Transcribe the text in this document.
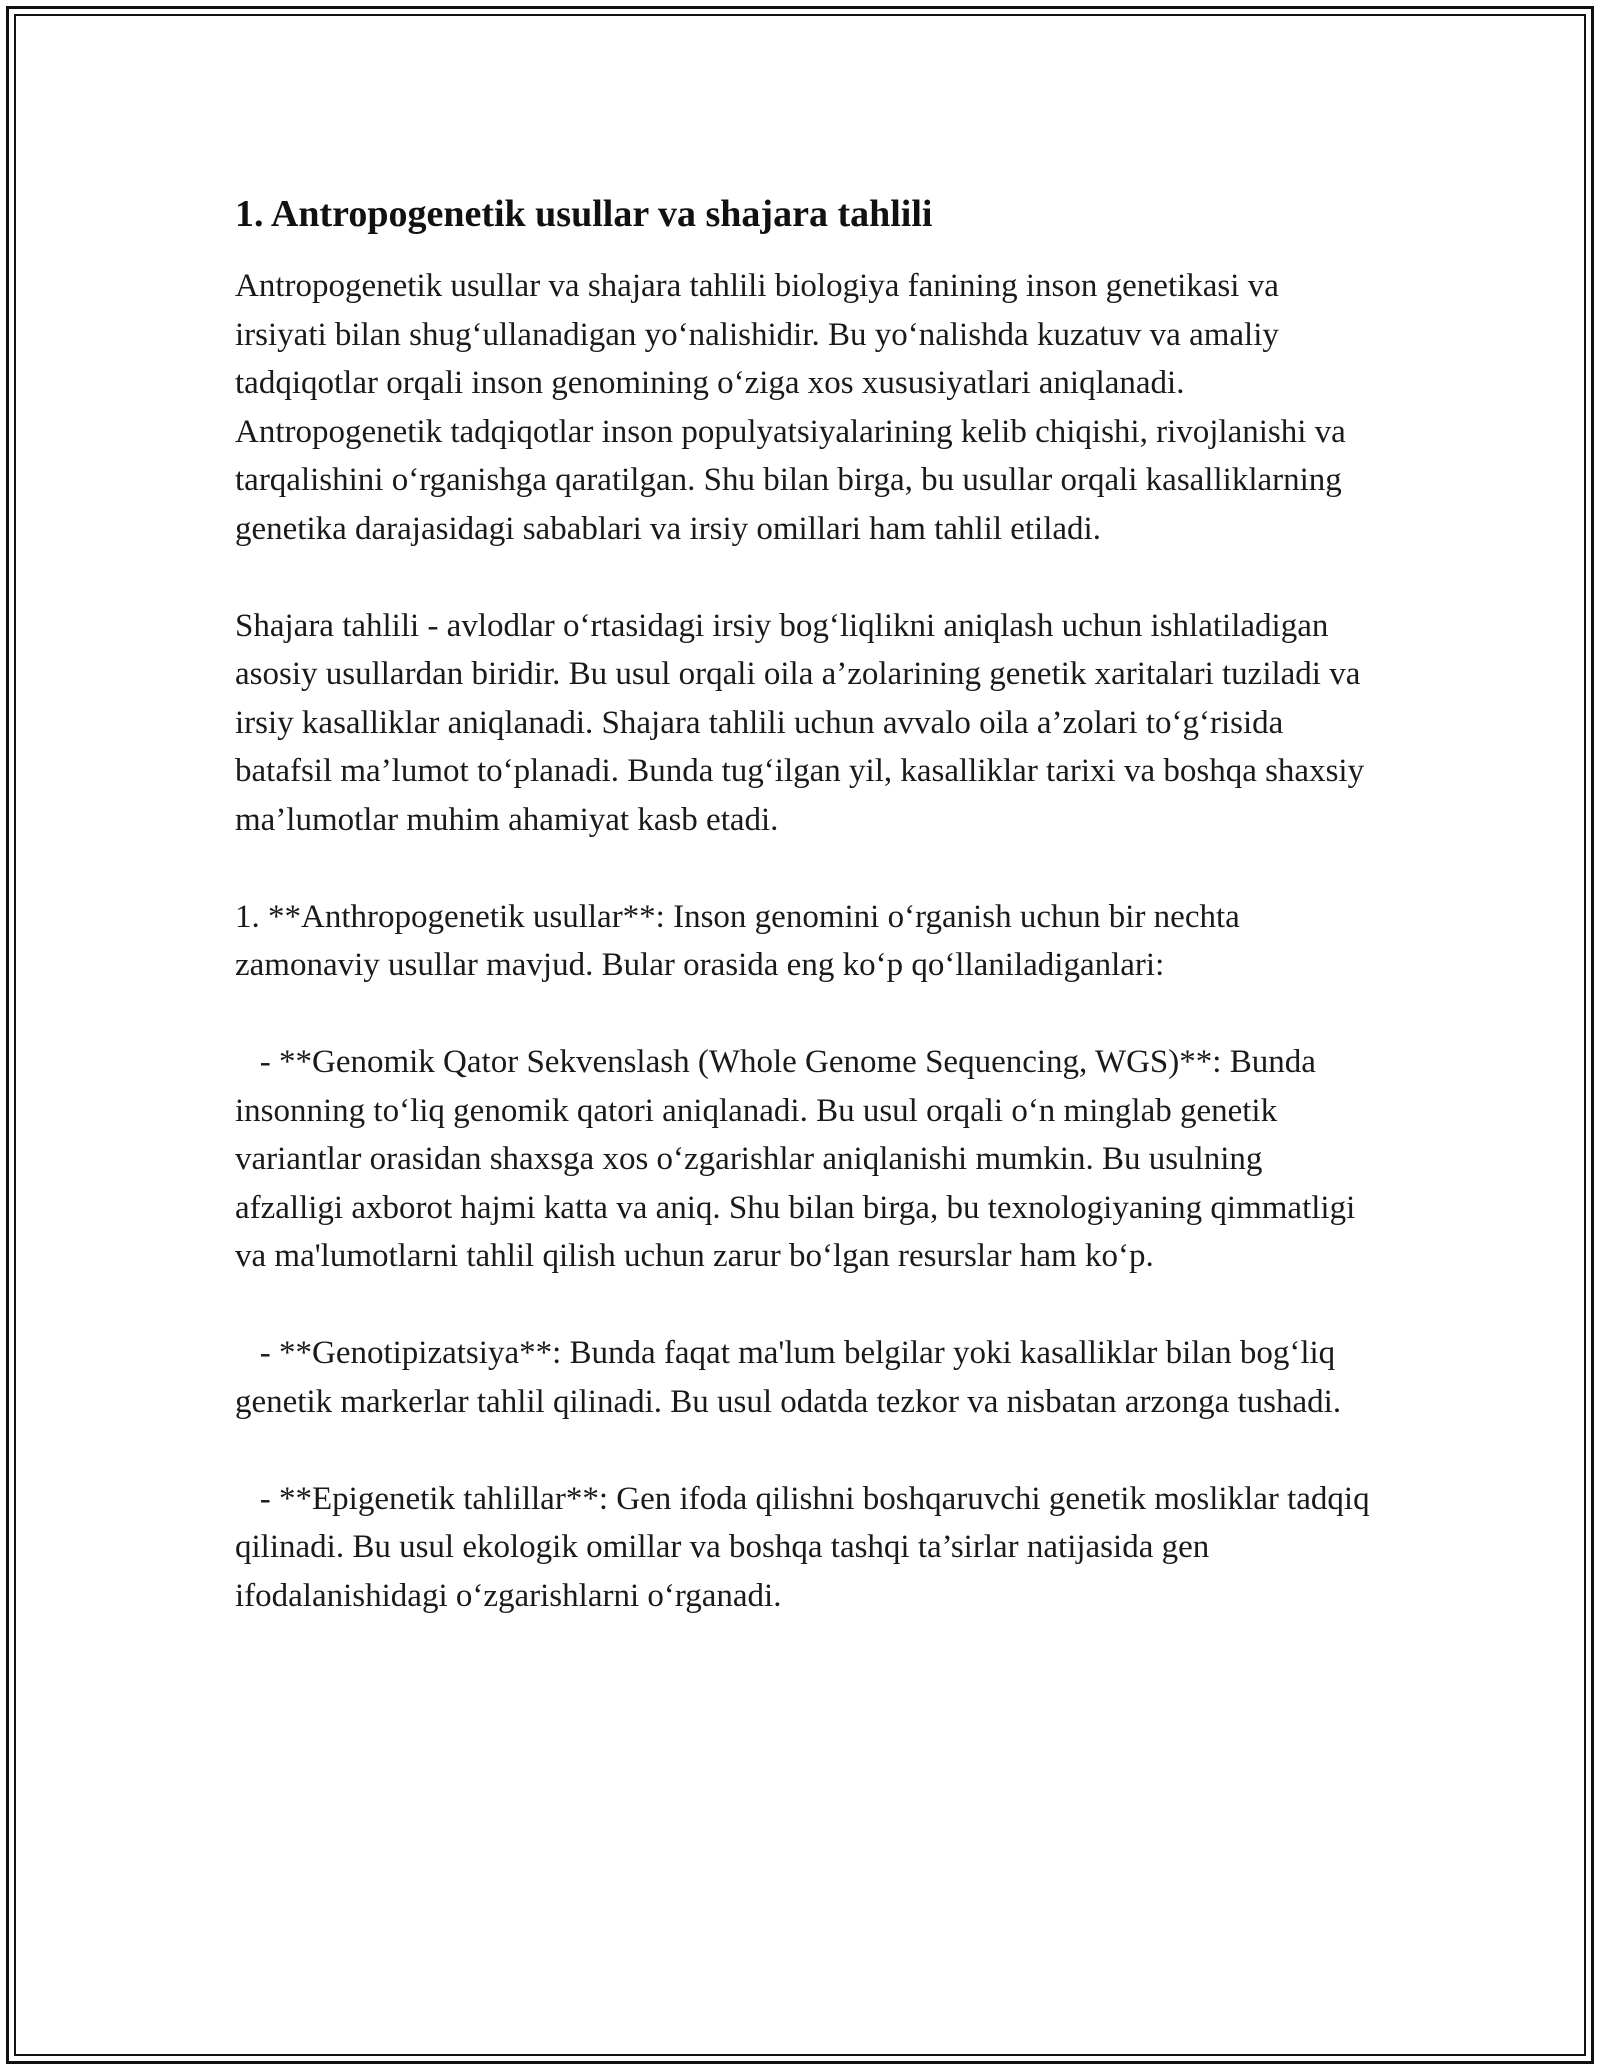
1. Antropogenetik usullar va shajara tahlili

Antropogenetik usullar va shajara tahlili biologiya fanining inson genetikasi va irsiyati bilan shug‘ullanadigan yo‘nalishidir. Bu yo‘nalishda kuzatuv va amaliy tadqiqotlar orqali inson genomining o‘ziga xos xususiyatlari aniqlanadi. Antropogenetik tadqiqotlar inson populyatsiyalarining kelib chiqishi, rivojlanishi va tarqalishini o‘rganishga qaratilgan. Shu bilan birga, bu usullar orqali kasalliklarning genetika darajasidagi sabablari va irsiy omillari ham tahlil etiladi.

Shajara tahlili - avlodlar o‘rtasidagi irsiy bog‘liqlikni aniqlash uchun ishlatiladigan asosiy usullardan biridir. Bu usul orqali oila a’zolarining genetik xaritalari tuziladi va irsiy kasalliklar aniqlanadi. Shajara tahlili uchun avvalo oila a’zolari to‘g‘risida batafsil ma’lumot to‘planadi. Bunda tug‘ilgan yil, kasalliklar tarixi va boshqa shaxsiy ma’lumotlar muhim ahamiyat kasb etadi.

1. **Anthropogenetik usullar**: Inson genomini o‘rganish uchun bir nechta zamonaviy usullar mavjud. Bular orasida eng ko‘p qo‘llaniladiganlari:

- **Genomik Qator Sekvenslash (Whole Genome Sequencing, WGS)**: Bunda insonning to‘liq genomik qatori aniqlanadi. Bu usul orqali o‘n minglab genetik variantlar orasidan shaxsga xos o‘zgarishlar aniqlanishi mumkin. Bu usulning afzalligi axborot hajmi katta va aniq. Shu bilan birga, bu texnologiyaning qimmatligi va ma'lumotlarni tahlil qilish uchun zarur bo‘lgan resurslar ham ko‘p.

- **Genotipizatsiya**: Bunda faqat ma'lum belgilar yoki kasalliklar bilan bog‘liq genetik markerlar tahlil qilinadi. Bu usul odatda tezkor va nisbatan arzonga tushadi.

- **Epigenetik tahlillar**: Gen ifoda qilishni boshqaruvchi genetik mosliklar tadqiq qilinadi. Bu usul ekologik omillar va boshqa tashqi ta’sirlar natijasida gen ifodalanishidagi o‘zgarishlarni o‘rganadi.
